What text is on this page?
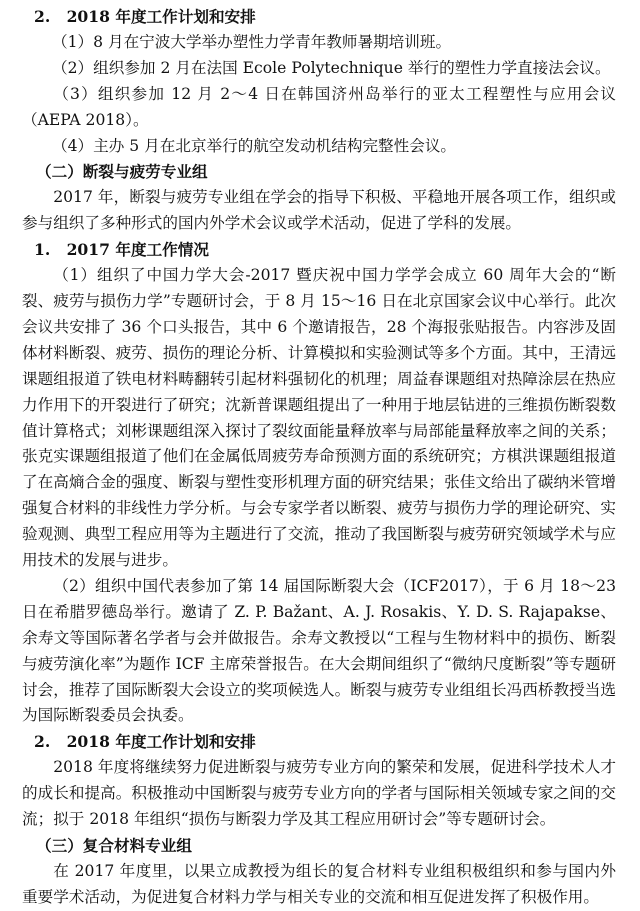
2.   2018 年度工作计划和安排
（1）8 月在宁波大学举办塑性力学青年教师暑期培训班。
（2）组织参加 2 月在法国 Ecole Polytechnique 举行的塑性力学直接法会议。
（3）组织参加 12 月 2～4 日在韩国济州岛举行的亚太工程塑性与应用会议（AEPA 2018）。
（4）主办 5 月在北京举行的航空发动机结构完整性会议。
（二）断裂与疲劳专业组
2017 年，断裂与疲劳专业组在学会的指导下积极、平稳地开展各项工作，组织或参与组织了多种形式的国内外学术会议或学术活动，促进了学科的发展。
1.   2017 年度工作情况
（1）组织了中国力学大会-2017 暨庆祝中国力学学会成立 60 周年大会的“断裂、疲劳与损伤力学”专题研讨会，于 8 月 15～16 日在北京国家会议中心举行。此次会议共安排了 36 个口头报告，其中 6 个邀请报告，28 个海报张贴报告。内容涉及固体材料断裂、疲劳、损伤的理论分析、计算模拟和实验测试等多个方面。其中，王清远课题组报道了铁电材料畴翻转引起材料强韧化的机理；周益春课题组对热障涂层在热应力作用下的开裂进行了研究；沈新普课题组提出了一种用于地层钻进的三维损伤断裂数值计算格式；刘彬课题组深入探讨了裂纹面能量释放率与局部能量释放率之间的关系；张克实课题组报道了他们在金属低周疲劳寿命预测方面的系统研究；方棋洪课题组报道了在高熵合金的强度、断裂与塑性变形机理方面的研究结果；张佳文给出了碳纳米管增强复合材料的非线性力学分析。与会专家学者以断裂、疲劳与损伤力学的理论研究、实验观测、典型工程应用等为主题进行了交流，推动了我国断裂与疲劳研究领域学术与应用技术的发展与进步。
（2）组织中国代表参加了第 14 届国际断裂大会（ICF2017），于 6 月 18～23 日在希腊罗德岛举行。邀请了 Z. P. Bažant、A. J. Rosakis、Y. D. S. Rajapakse、余寿文等国际著名学者与会并做报告。余寿文教授以“工程与生物材料中的损伤、断裂与疲劳演化率”为题作 ICF 主席荣誉报告。在大会期间组织了“微纳尺度断裂”等专题研讨会，推荐了国际断裂大会设立的奖项候选人。断裂与疲劳专业组组长冯西桥教授当选为国际断裂委员会执委。
2.   2018 年度工作计划和安排
2018 年度将继续努力促进断裂与疲劳专业方向的繁荣和发展，促进科学技术人才的成长和提高。积极推动中国断裂与疲劳专业方向的学者与国际相关领域专家之间的交流；拟于 2018 年组织“损伤与断裂力学及其工程应用研讨会”等专题研讨会。
（三）复合材料专业组
在 2017 年度里，以果立成教授为组长的复合材料专业组积极组织和参与国内外重要学术活动，为促进复合材料力学与相关专业的交流和相互促进发挥了积极作用。
